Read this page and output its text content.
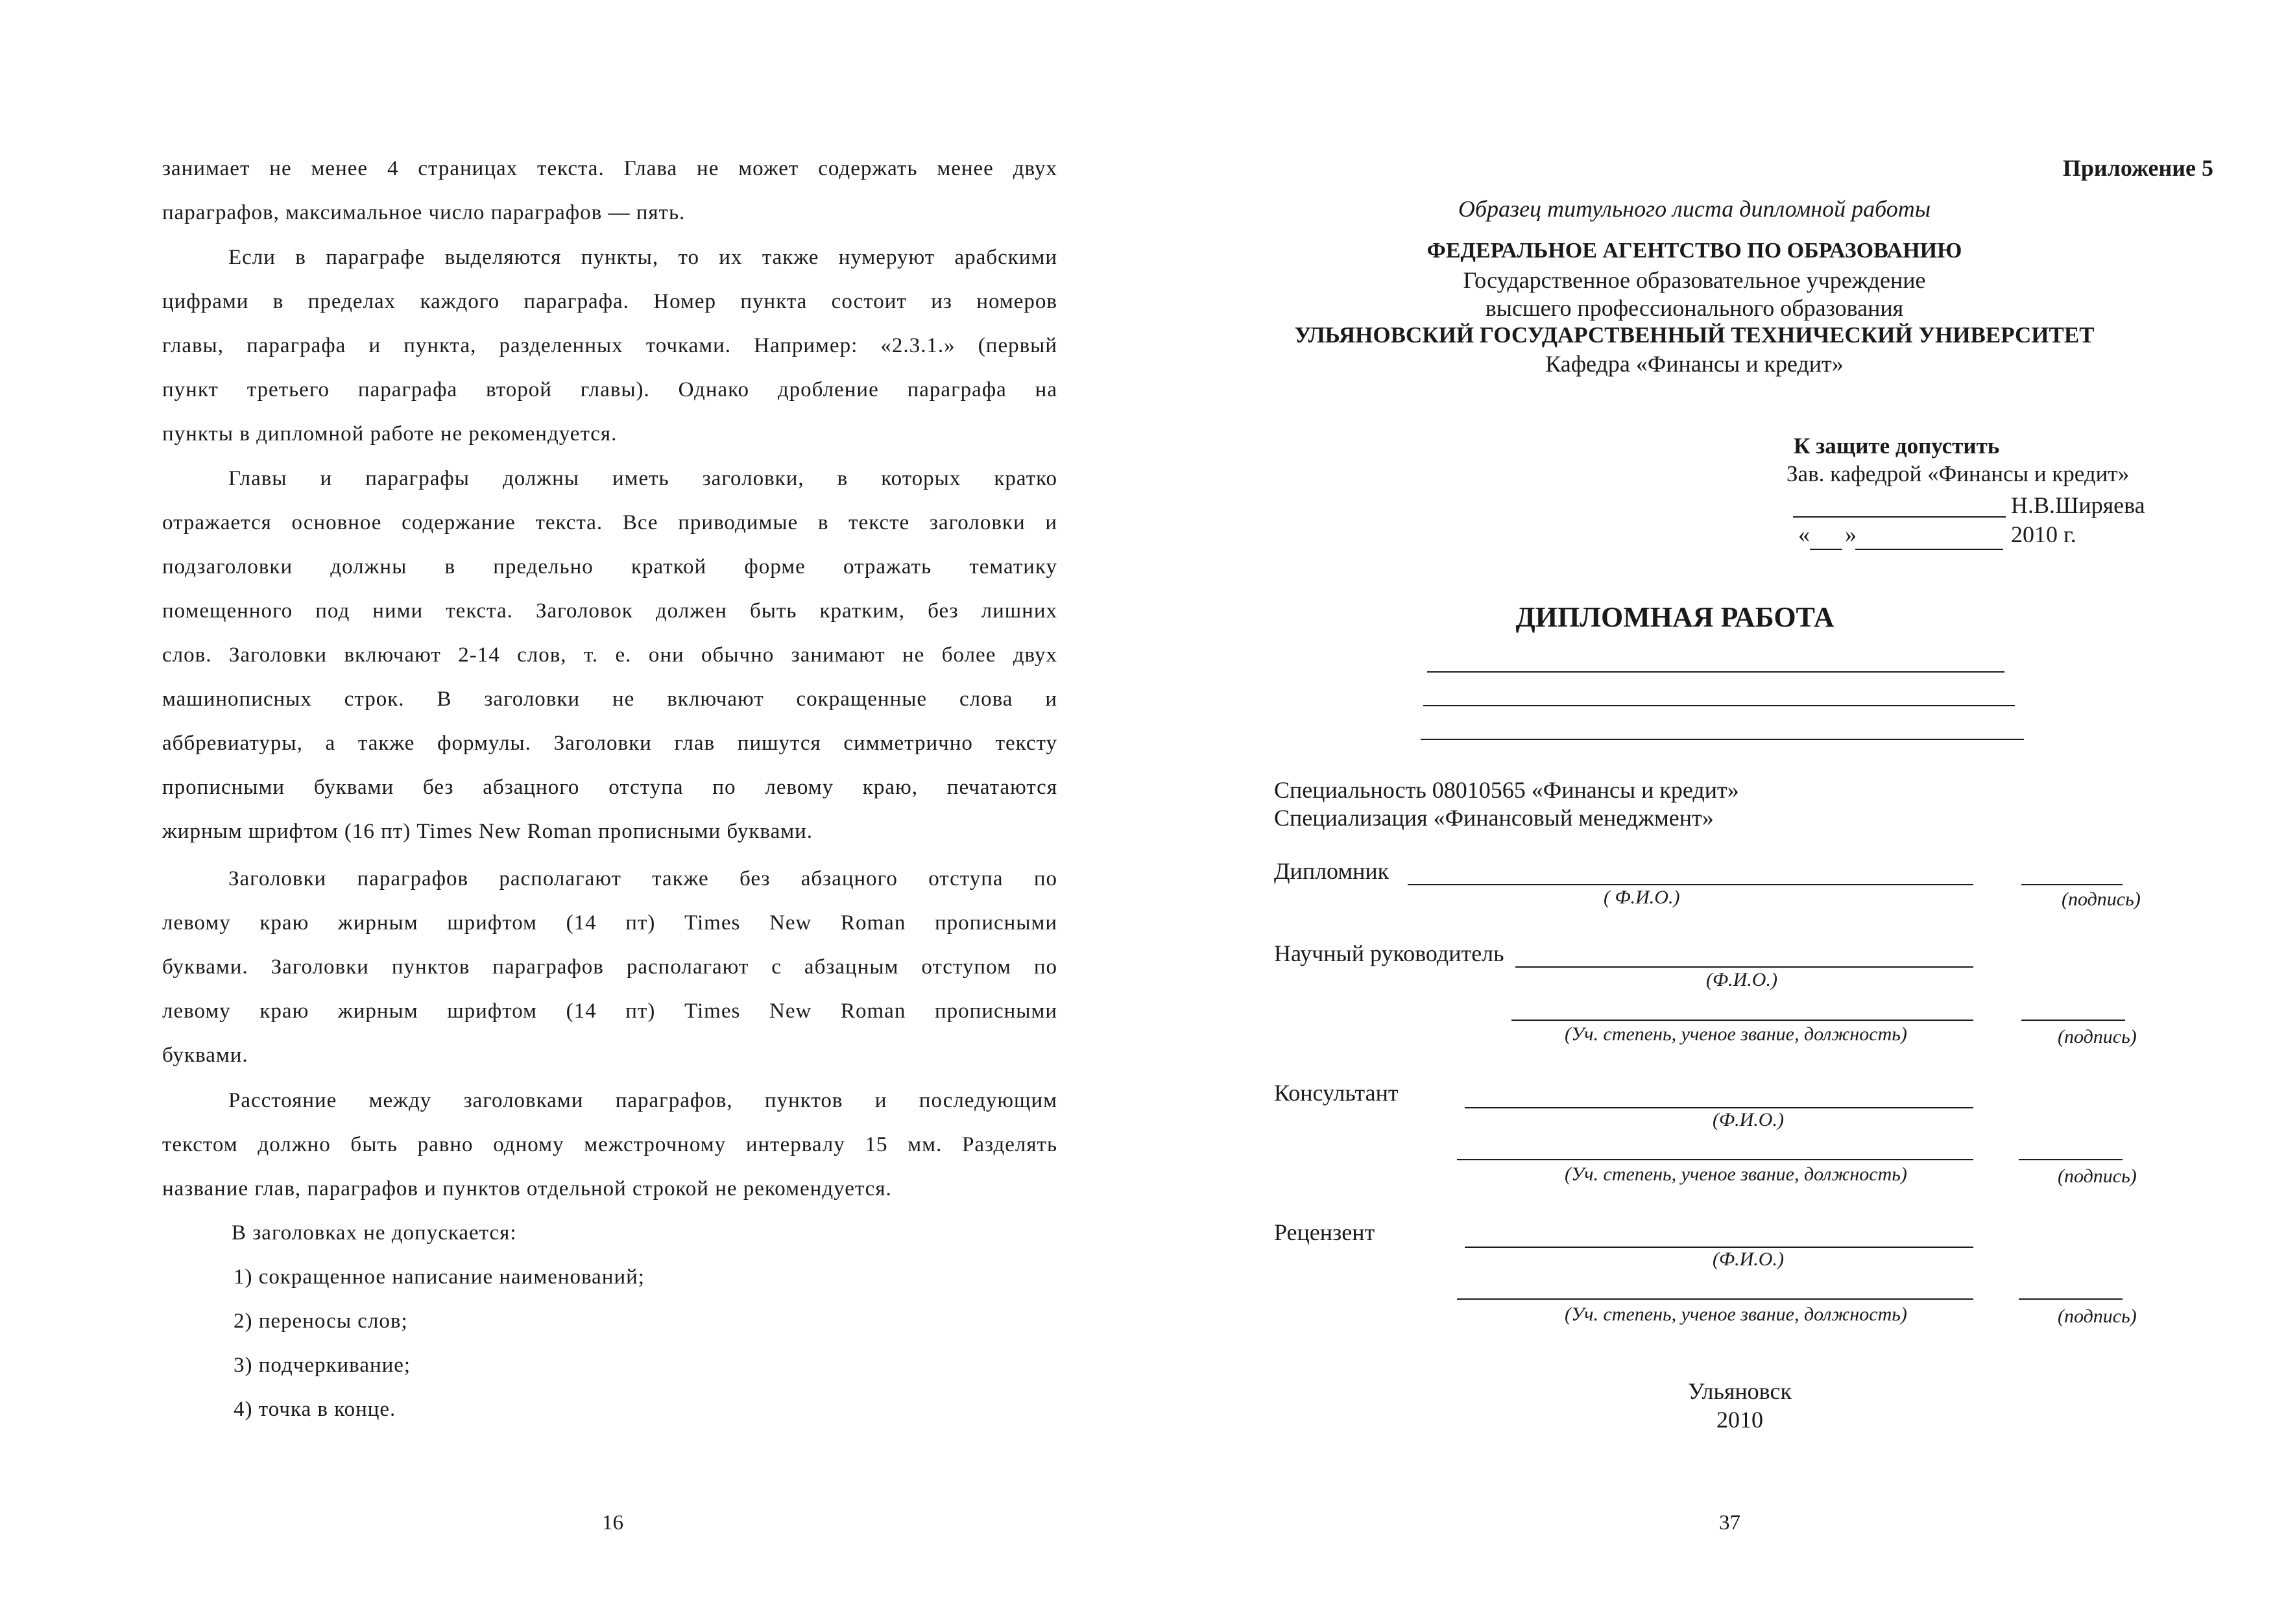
занимает не менее 4 страницах текста. Глава не может содержать менее двух
параграфов, максимальное число параграфов — пять.
Если в параграфе выделяются пункты, то их также нумеруют арабскими
цифрами в пределах каждого параграфа. Номер пункта состоит из номеров
главы, параграфа и пункта, разделенных точками. Например: «2.3.1.» (первый
пункт третьего параграфа второй главы). Однако дробление параграфа на
пункты в дипломной работе не рекомендуется.
Главы и параграфы должны иметь заголовки, в которых кратко
отражается основное содержание текста. Все приводимые в тексте заголовки и
подзаголовки должны в предельно краткой форме отражать тематику
помещенного под ними текста. Заголовок должен быть кратким, без лишних
слов. Заголовки включают 2-14 слов, т. е. они обычно занимают не более двух
машинописных строк. В заголовки не включают сокращенные слова и
аббревиатуры, а также формулы. Заголовки глав пишутся симметрично тексту
прописными буквами без абзацного отступа по левому краю, печатаются
жирным шрифтом (16 пт) Times New Roman прописными буквами.
Заголовки параграфов располагают также без абзацного отступа по
левому краю жирным шрифтом (14 пт) Times New Roman прописными
буквами. Заголовки пунктов параграфов располагают с абзацным отступом по
левому краю жирным шрифтом (14 пт) Times New Roman прописными
буквами.
Расстояние между заголовками параграфов, пунктов и последующим
текстом должно быть равно одному межстрочному интервалу 15 мм. Разделять
название глав, параграфов и пунктов отдельной строкой не рекомендуется.
В заголовках не допускается:
1) сокращенное написание наименований;
2) переносы слов;
3) подчеркивание;
4) точка в конце.
16
Приложение 5
Образец титульного листа дипломной работы
ФЕДЕРАЛЬНОЕ АГЕНТСТВО ПО ОБРАЗОВАНИЮ
Государственное образовательное учреждение
высшего профессионального образования
УЛЬЯНОВСКИЙ ГОСУДАРСТВЕННЫЙ ТЕХНИЧЕСКИЙ УНИВЕРСИТЕТ
Кафедра «Финансы и кредит»
К защите допустить
Зав. кафедрой «Финансы и кредит»
Н.В.Ширяева
« »	2010 г.
ДИПЛОМНАЯ РАБОТА
Специальность 08010565 «Финансы и кредит»
Специализация «Финансовый менеджмент»
Дипломник
( Ф.И.О.)	(подпись)
Научный руководитель
(Ф.И.О.)
(Уч. степень, ученое звание, должность)	(подпись)
Консультант
(Ф.И.О.)
(Уч. степень, ученое звание, должность)	(подпись)
Рецензент
(Ф.И.О.)
(Уч. степень, ученое звание, должность)	(подпись)
Ульяновск
2010
37
